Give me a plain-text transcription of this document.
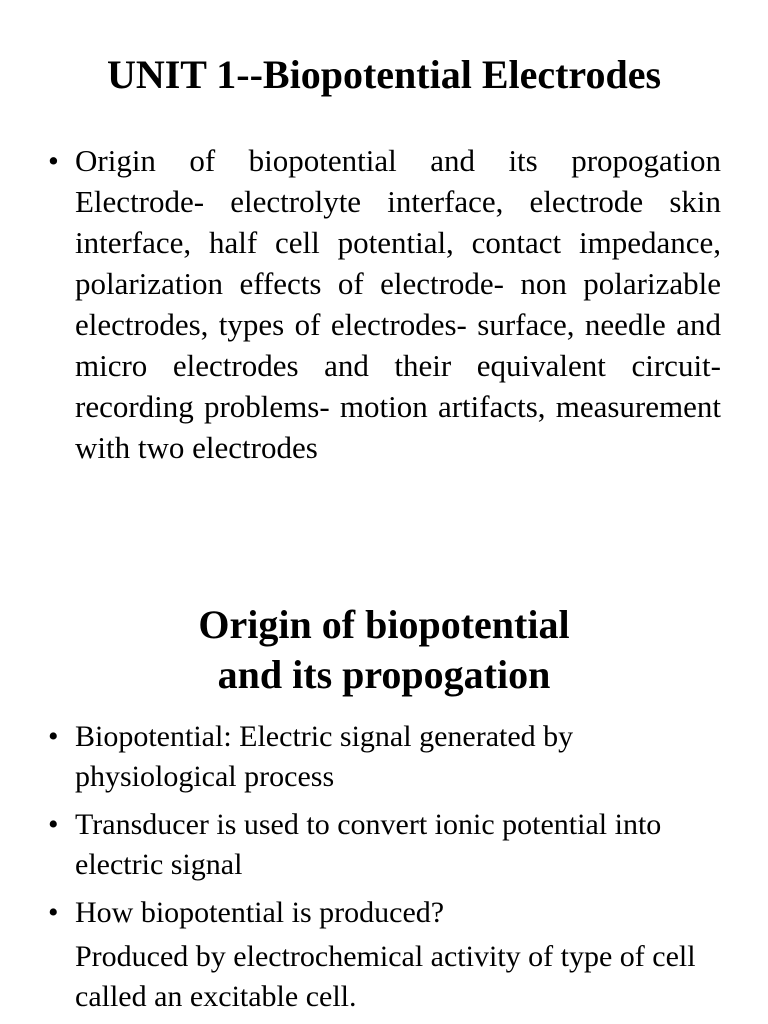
UNIT 1--Biopotential Electrodes
• Origin of biopotential and its propogation Electrode- electrolyte interface, electrode skin interface, half cell potential, contact impedance, polarization effects of electrode- non polarizable electrodes, types of electrodes- surface, needle and micro electrodes and their equivalent circuit- recording problems- motion artifacts, measurement with two electrodes
Origin of biopotential and its propogation
• Biopotential: Electric signal generated by physiological process
• Transducer is used to convert ionic potential into electric signal
• How biopotential is produced?
Produced by electrochemical activity of type of cell called an excitable cell.
